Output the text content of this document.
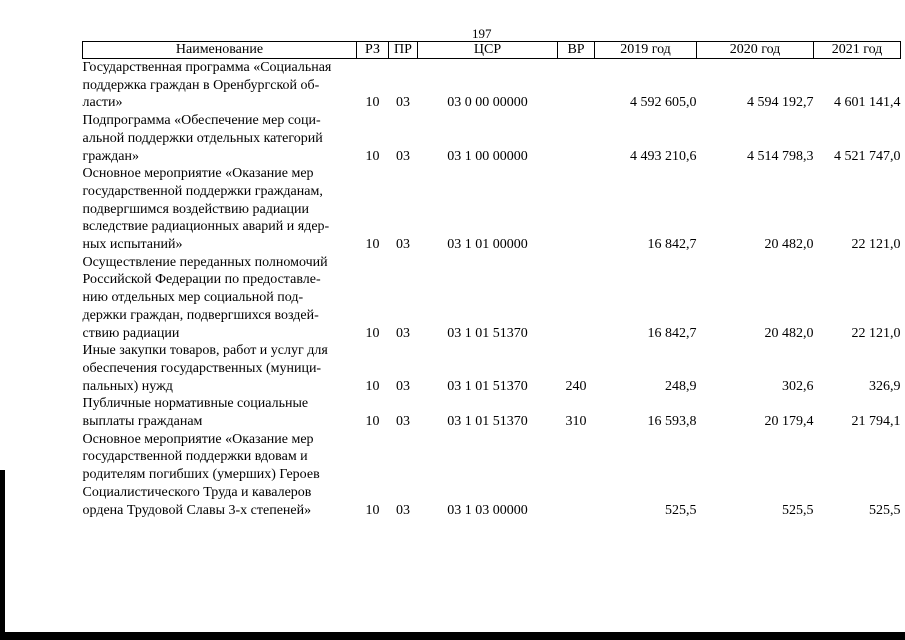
197
Наименование	РЗ	ПР	ЦСР	ВР	2019 год	2020 год	2021 год

Государственная программа «Социальная
поддержка граждан в Оренбургской об-
ласти»	10	03	03 0 00 00000		4 592 605,0	4 594 192,7	4 601 141,4

Подпрограмма «Обеспечение мер соци-
альной поддержки отдельных категорий
граждан»	10	03	03 1 00 00000		4 493 210,6	4 514 798,3	4 521 747,0

Основное мероприятие «Оказание мер
государственной поддержки гражданам,
подвергшимся воздействию радиации
вследствие радиационных аварий и ядер-
ных испытаний»	10	03	03 1 01 00000		16 842,7	20 482,0	22 121,0

Осуществление переданных полномочий
Российской Федерации по предоставле-
нию отдельных мер социальной под-
держки граждан, подвергшихся воздей-
ствию радиации	10	03	03 1 01 51370		16 842,7	20 482,0	22 121,0

Иные закупки товаров, работ и услуг для
обеспечения государственных (муници-
пальных) нужд	10	03	03 1 01 51370	240	248,9	302,6	326,9

Публичные нормативные социальные
выплаты гражданам	10	03	03 1 01 51370	310	16 593,8	20 179,4	21 794,1

Основное мероприятие «Оказание мер
государственной поддержки вдовам и
родителям погибших (умерших) Героев
Социалистического Труда и кавалеров
ордена Трудовой Славы 3-х степеней»	10	03	03 1 03 00000		525,5	525,5	525,5
